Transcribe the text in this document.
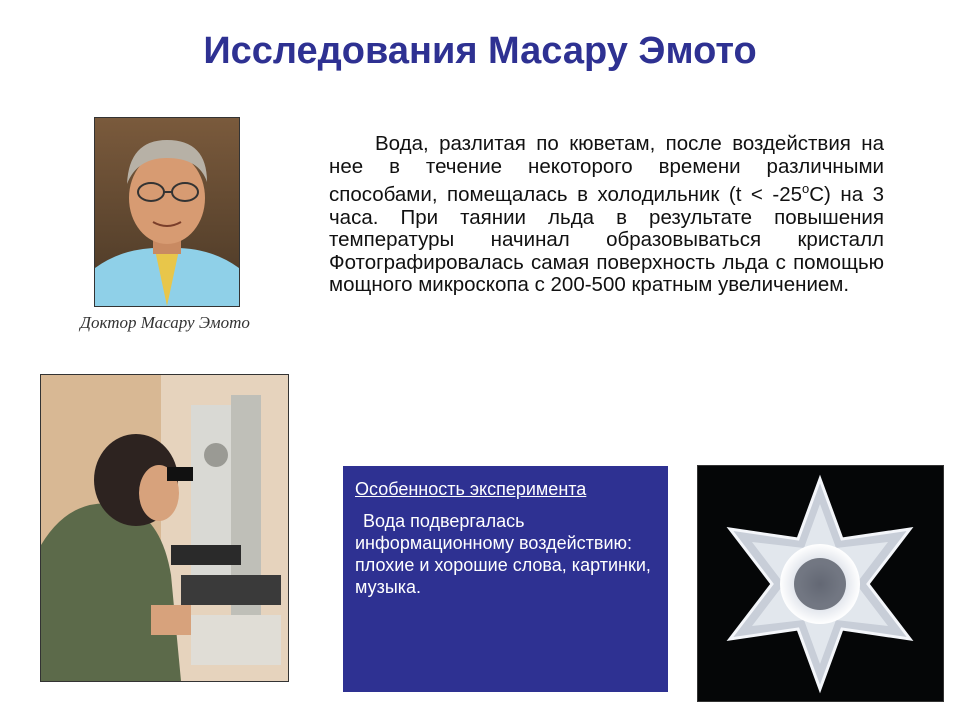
Исследования Масару Эмото
Доктор Масару Эмото

Вода, разлитая по кюветам, после воздействия на нее в течение некоторого времени различными способами, помещалась в холодильник $(t < -25^oC)$ на 3 часа. При таянии льда в результате повышения температуры начинал образовываться кристалл Фотографировалась самая поверхность льда с помощью мощного микроскопа с 200-500 кратным увеличением.

Особенность эксперимента

Вода подвергалась информационному воздействию: плохие и хорошие слова, картинки, музыка.
